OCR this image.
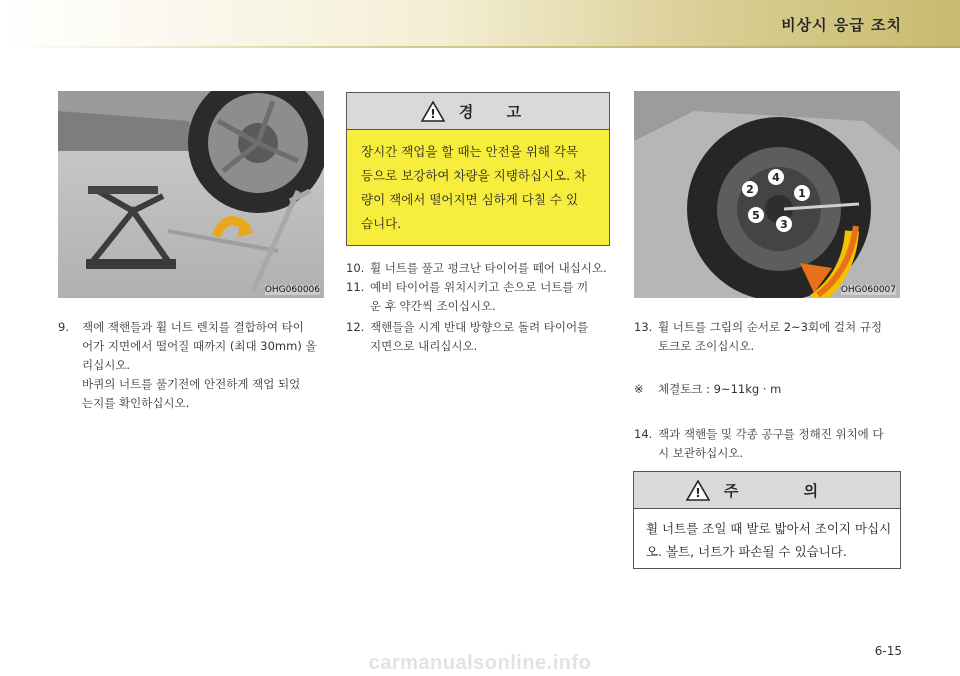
비상시 응급 조치
OHG060006
1
2
3
4
5
OHG060007
9. 잭에 잭핸들과 휠 너트 렌치를 결합하여 타이
어가 지면에서 떨어질 때까지 (최대 30mm) 올
리십시오.
바퀴의 너트를 풀기전에 안전하게 잭업 되었
는지를 확인하십시오.
! 경 고
장시간 잭업을 할 때는 안전을 위해 각목
등으로 보강하여 차량을 지탱하십시오. 차
량이 잭에서 떨어지면 심하게 다칠 수 있
습니다.
10. 휠 너트를 풀고 펑크난 타이어를 떼어 내십시오.
11. 예비 타이어를 위치시키고 손으로 너트를 끼
운 후 약간씩 조이십시오.
12. 잭핸들을 시계 반대 방향으로 돌려 타이어를
지면으로 내리십시오.
13. 휠 너트를 그림의 순서로 2~3회에 걸쳐 규정
토크로 조이십시오.
※ 체결토크 : 9~11kg · m
14. 잭과 잭핸들 및 각종 공구를 정해진 위치에 다
시 보관하십시오.
! 주 의
휠 너트를 조일 때 발로 밟아서 조이지 마십시
오. 볼트, 너트가 파손될 수 있습니다.
6-15
carmanualsonline.info
